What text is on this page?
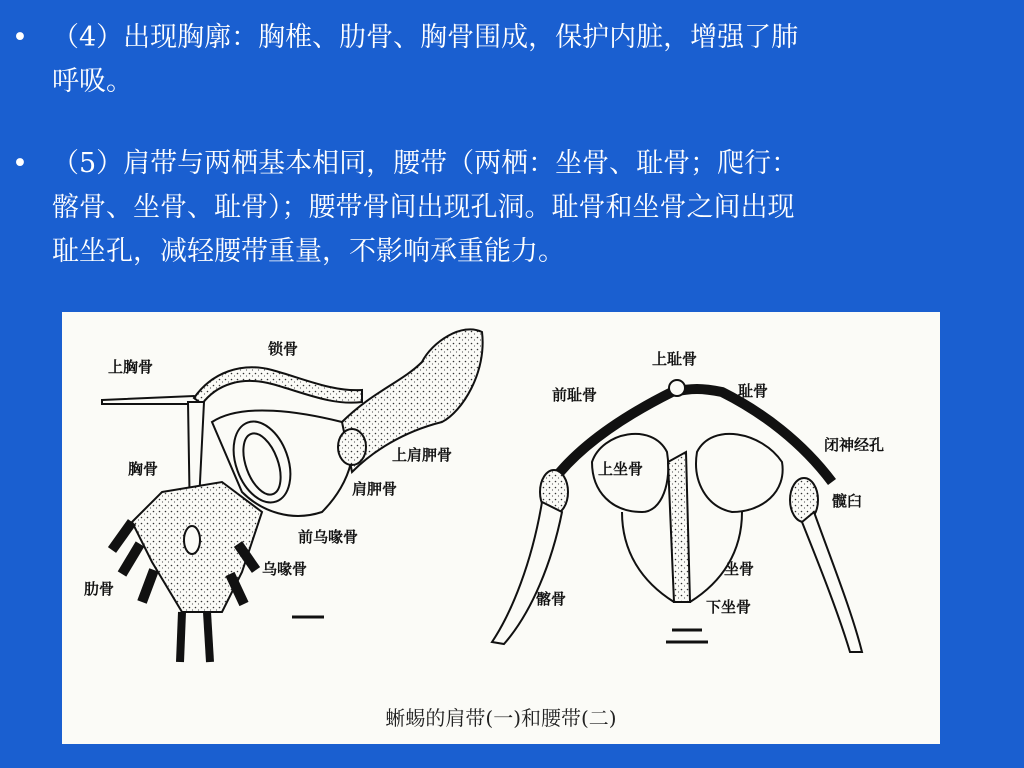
• （4）出现胸廓：胸椎、肋骨、胸骨围成，保护内脏，增强了肺
呼吸。
• （5）肩带与两栖基本相同，腰带（两栖：坐骨、耻骨；爬行：
髂骨、坐骨、耻骨）；腰带骨间出现孔洞。耻骨和坐骨之间出现
耻坐孔，减轻腰带重量，不影响承重能力。
上胸骨
锁骨
上肩胛骨
胸骨
肩胛骨
前乌喙骨
乌喙骨
肋骨
上耻骨
前耻骨	耻骨
闭神经孔
上坐骨
髋臼
坐骨
髂骨	下坐骨
蜥蜴的肩带(一)和腰带(二)
